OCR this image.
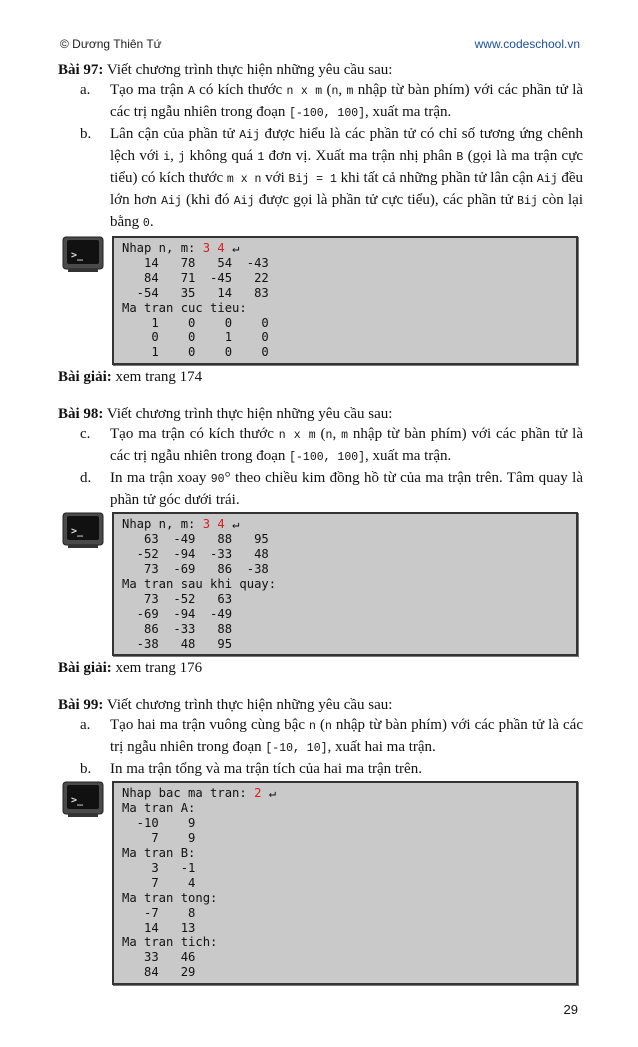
© Dương Thiên Tứ	www.codeschool.vn
Bài 97: Viết chương trình thực hiện những yêu cầu sau:
a. Tạo ma trận A có kích thước n x m (n, m nhập từ bàn phím) với các phần tử là các trị ngẫu nhiên trong đoạn [-100, 100], xuất ma trận.
b. Lân cận của phần tử Aij được hiểu là các phần tử có chỉ số tương ứng chênh lệch với i, j không quá 1 đơn vị. Xuất ma trận nhị phân B (gọi là ma trận cực tiểu) có kích thước m x n với Bij = 1 khi tất cả những phần tử lân cận Aij đều lớn hơn Aij (khi đó Aij được gọi là phần tử cực tiểu), các phần tử Bij còn lại bằng 0.
>_
Nhap n, m: 3 4 ↵
14   78   54  -43
84   71  -45   22
-54   35   14   83
Ma tran cuc tieu:
1    0    0    0
0    0    1    0
1    0    0    0
Bài giải: xem trang 174
Bài 98: Viết chương trình thực hiện những yêu cầu sau:
c. Tạo ma trận có kích thước n x m (n, m nhập từ bàn phím) với các phần tử là các trị ngẫu nhiên trong đoạn [-100, 100], xuất ma trận.
d. In ma trận xoay 90° theo chiều kim đồng hồ từ của ma trận trên. Tâm quay là phần tử góc dưới trái.
>_
Nhap n, m: 3 4 ↵
63  -49   88   95
-52  -94  -33   48
73  -69   86  -38
Ma tran sau khi quay:
73  -52   63
-69  -94  -49
86  -33   88
-38   48   95
Bài giải: xem trang 176
Bài 99: Viết chương trình thực hiện những yêu cầu sau:
a. Tạo hai ma trận vuông cùng bậc n (n nhập từ bàn phím) với các phần tử là các trị ngẫu nhiên trong đoạn [-10, 10], xuất hai ma trận.
b. In ma trận tổng và ma trận tích của hai ma trận trên.
>_
Nhap bac ma tran: 2 ↵
Ma tran A:
-10    9
7    9
Ma tran B:
3   -1
7    4
Ma tran tong:
-7    8
14   13
Ma tran tich:
33   46
84   29
29
